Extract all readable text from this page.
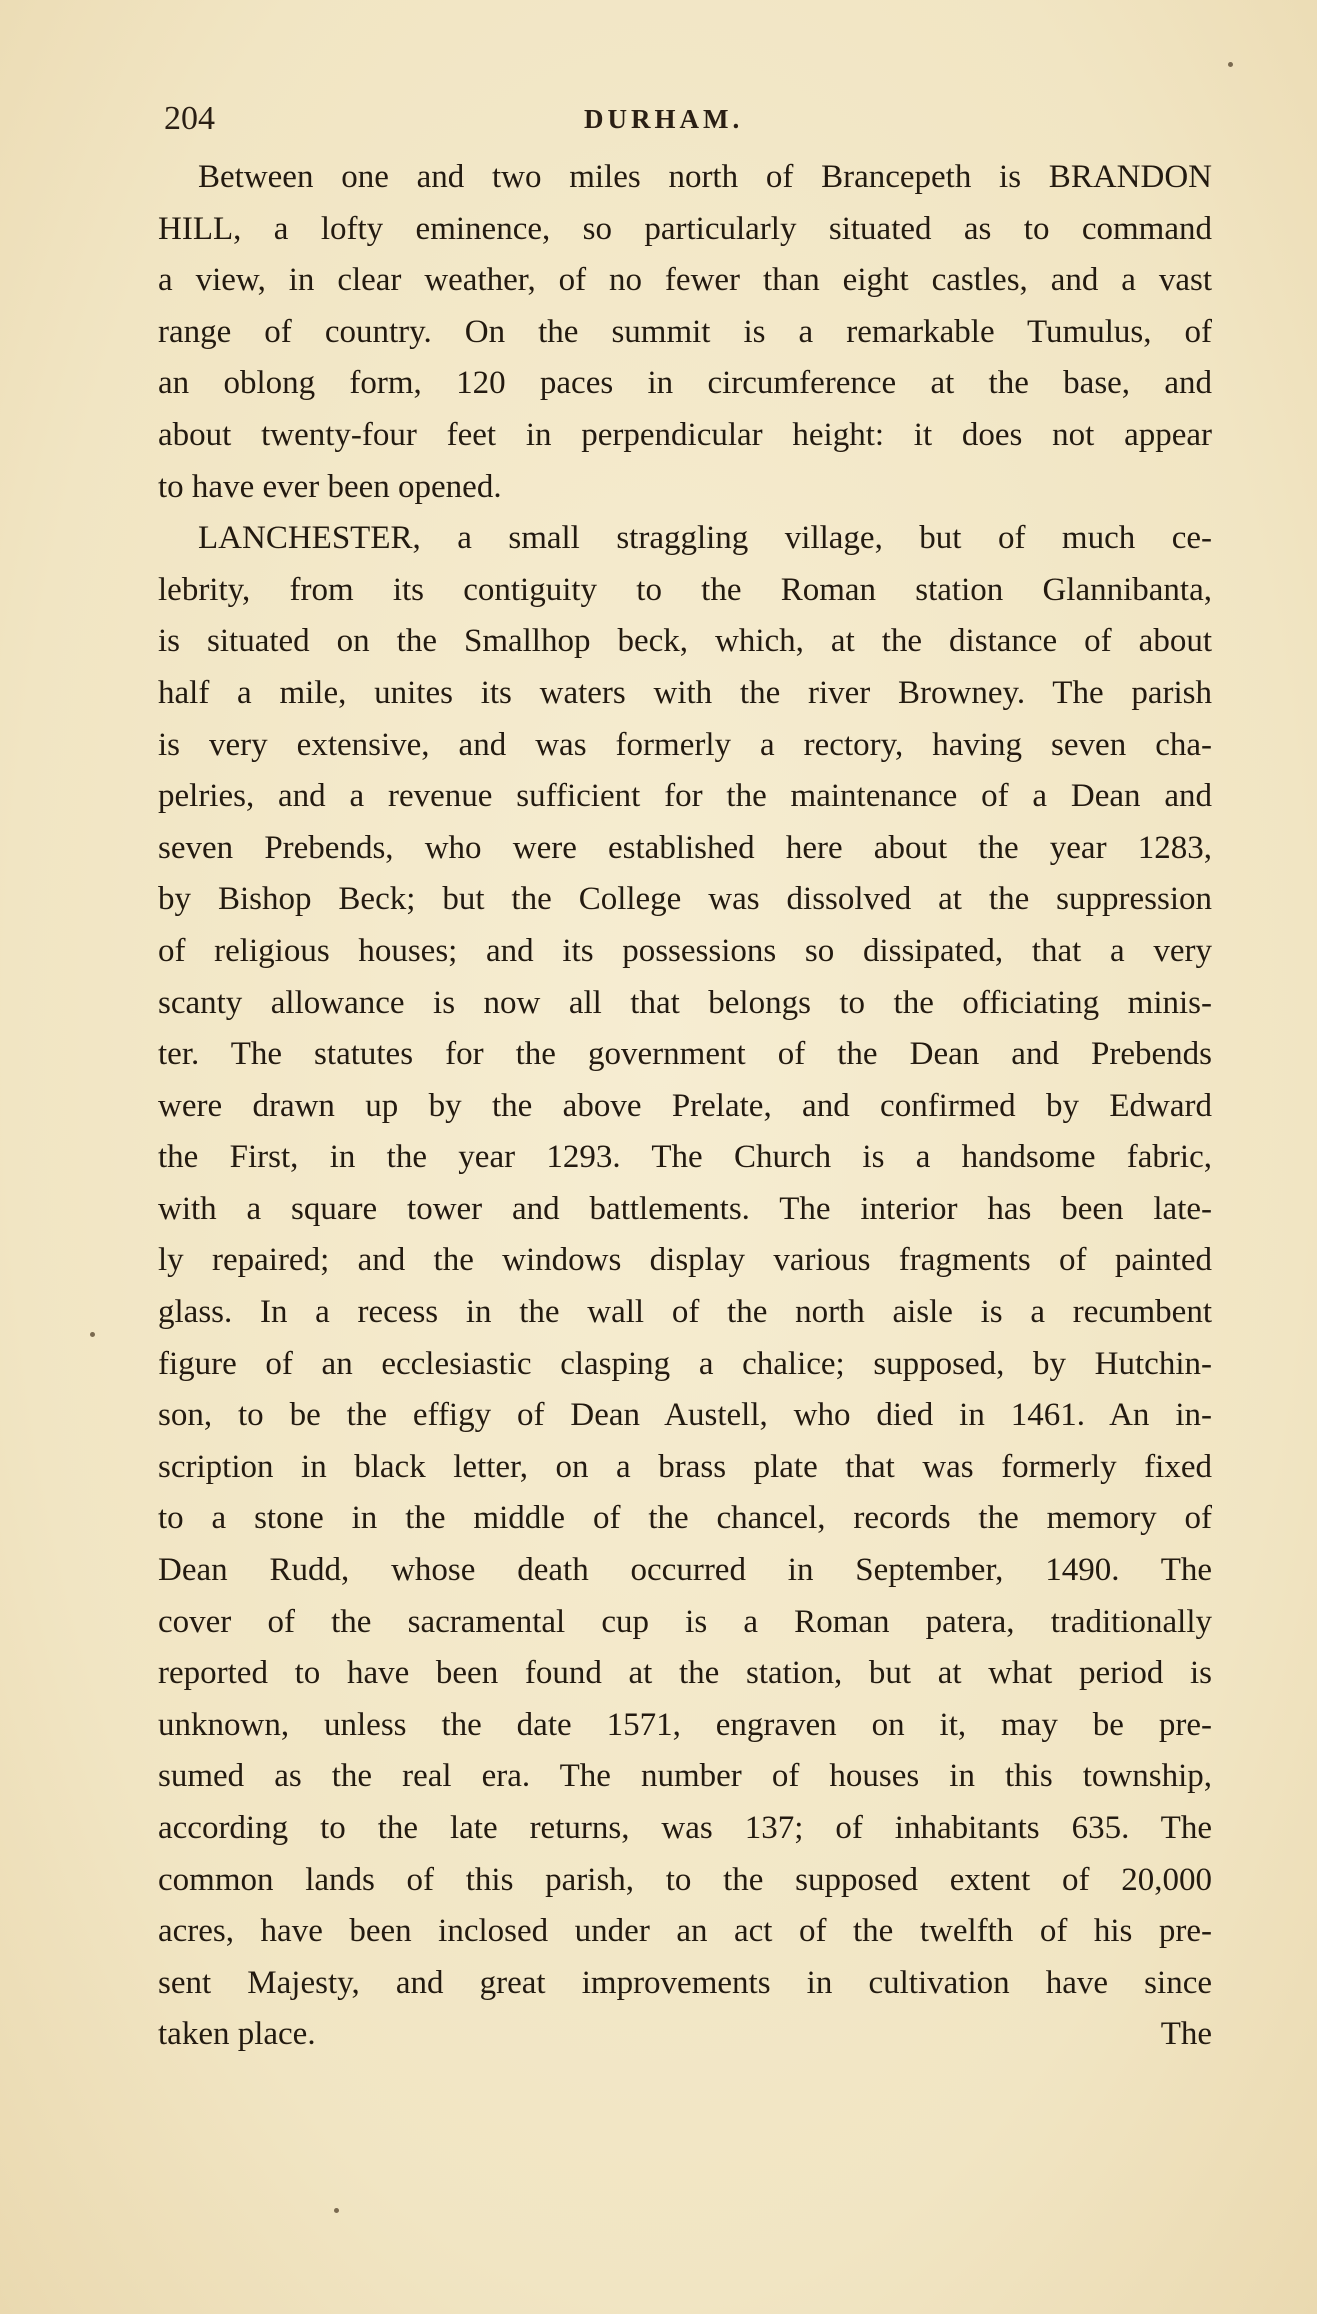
204	DURHAM.
Between one and two miles north of Brancepeth is BRANDON
HILL, a lofty eminence, so particularly situated as to command
a view, in clear weather, of no fewer than eight castles, and a vast
range of country. On the summit is a remarkable Tumulus, of
an oblong form, 120 paces in circumference at the base, and
about twenty-four feet in perpendicular height: it does not appear
to have ever been opened.
LANCHESTER, a small straggling village, but of much ce-
lebrity, from its contiguity to the Roman station Glannibanta,
is situated on the Smallhop beck, which, at the distance of about
half a mile, unites its waters with the river Browney. The parish
is very extensive, and was formerly a rectory, having seven cha-
pelries, and a revenue sufficient for the maintenance of a Dean and
seven Prebends, who were established here about the year 1283,
by Bishop Beck; but the College was dissolved at the suppression
of religious houses; and its possessions so dissipated, that a very
scanty allowance is now all that belongs to the officiating minis-
ter. The statutes for the government of the Dean and Prebends
were drawn up by the above Prelate, and confirmed by Edward
the First, in the year 1293. The Church is a handsome fabric,
with a square tower and battlements. The interior has been late-
ly repaired; and the windows display various fragments of painted
glass. In a recess in the wall of the north aisle is a recumbent
figure of an ecclesiastic clasping a chalice; supposed, by Hutchin-
son, to be the effigy of Dean Austell, who died in 1461. An in-
scription in black letter, on a brass plate that was formerly fixed
to a stone in the middle of the chancel, records the memory of
Dean Rudd, whose death occurred in September, 1490. The
cover of the sacramental cup is a Roman patera, traditionally
reported to have been found at the station, but at what period is
unknown, unless the date 1571, engraven on it, may be pre-
sumed as the real era. The number of houses in this township,
according to the late returns, was 137; of inhabitants 635. The
common lands of this parish, to the supposed extent of 20,000
acres, have been inclosed under an act of the twelfth of his pre-
sent Majesty, and great improvements in cultivation have since
taken place.	The
